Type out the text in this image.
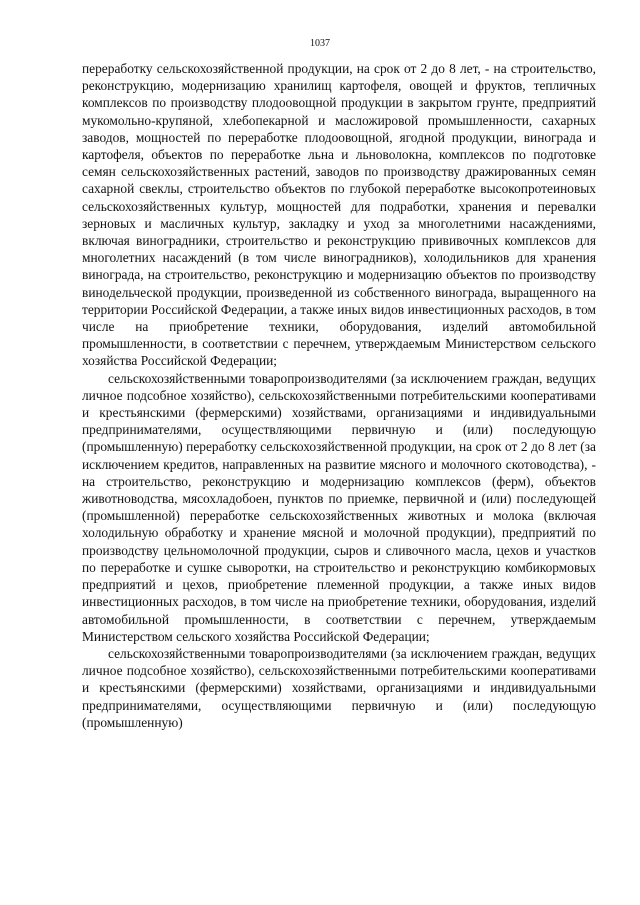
1037

переработку сельскохозяйственной продукции, на срок от 2 до 8 лет, - на строительство, реконструкцию, модернизацию хранилищ картофеля, овощей и фруктов, тепличных комплексов по производству плодоовощной продукции в закрытом грунте, предприятий мукомольно-крупяной, хлебопекарной и масложировой промышленности, сахарных заводов, мощностей по переработке плодоовощной, ягодной продукции, винограда и картофеля, объектов по переработке льна и льноволокна, комплексов по подготовке семян сельскохозяйственных растений, заводов по производству дражированных семян сахарной свеклы, строительство объектов по глубокой переработке высокопротеиновых сельскохозяйственных культур, мощностей для подработки, хранения и перевалки зерновых и масличных культур, закладку и уход за многолетними насаждениями, включая виноградники, строительство и реконструкцию прививочных комплексов для многолетних насаждений (в том числе виноградников), холодильников для хранения винограда, на строительство, реконструкцию и модернизацию объектов по производству винодельческой продукции, произведенной из собственного винограда, выращенного на территории Российской Федерации, а также иных видов инвестиционных расходов, в том числе на приобретение техники, оборудования, изделий автомобильной промышленности, в соответствии с перечнем, утверждаемым Министерством сельского хозяйства Российской Федерации;

сельскохозяйственными товаропроизводителями (за исключением граждан, ведущих личное подсобное хозяйство), сельскохозяйственными потребительскими кооперативами и крестьянскими (фермерскими) хозяйствами, организациями и индивидуальными предпринимателями, осуществляющими первичную и (или) последующую (промышленную) переработку сельскохозяйственной продукции, на срок от 2 до 8 лет (за исключением кредитов, направленных на развитие мясного и молочного скотоводства), - на строительство, реконструкцию и модернизацию комплексов (ферм), объектов животноводства, мясохладобоен, пунктов по приемке, первичной и (или) последующей (промышленной) переработке сельскохозяйственных животных и молока (включая холодильную обработку и хранение мясной и молочной продукции), предприятий по производству цельномолочной продукции, сыров и сливочного масла, цехов и участков по переработке и сушке сыворотки, на строительство и реконструкцию комбикормовых предприятий и цехов, приобретение племенной продукции, а также иных видов инвестиционных расходов, в том числе на приобретение техники, оборудования, изделий автомобильной промышленности, в соответствии с перечнем, утверждаемым Министерством сельского хозяйства Российской Федерации;

сельскохозяйственными товаропроизводителями (за исключением граждан, ведущих личное подсобное хозяйство), сельскохозяйственными потребительскими кооперативами и крестьянскими (фермерскими) хозяйствами, организациями и индивидуальными предпринимателями, осуществляющими первичную и (или) последующую (промышленную)
